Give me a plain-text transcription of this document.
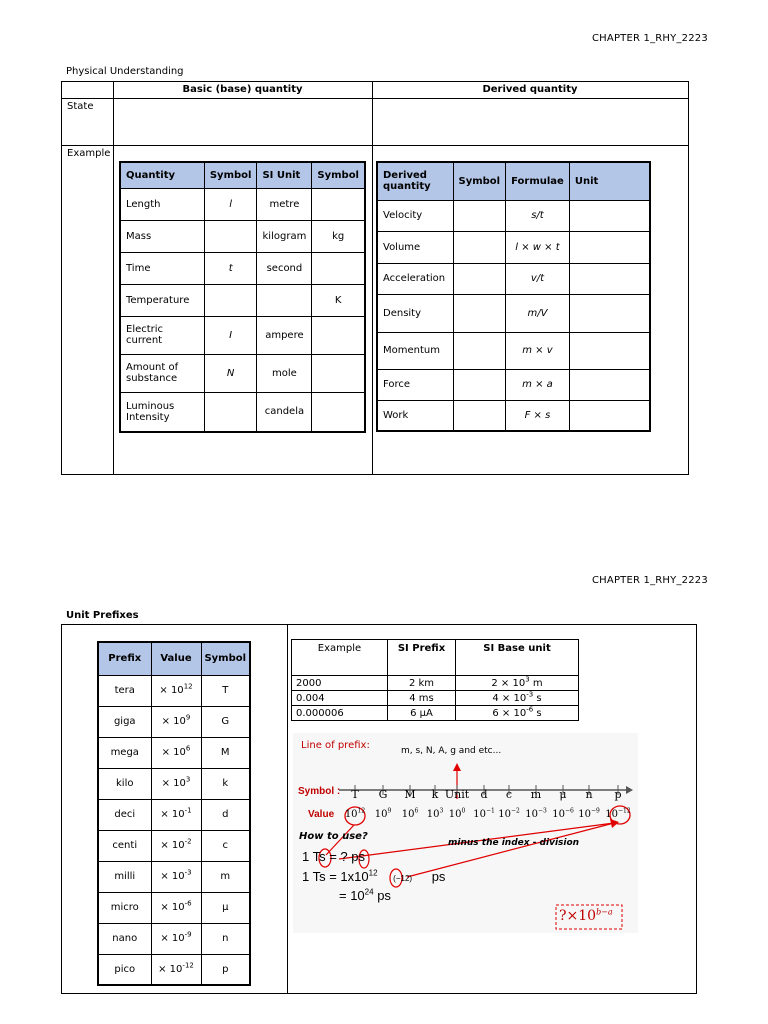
CHAPTER 1_RHY_2223
Physical Understanding
Basic (base) quantity	Derived quantity
State
Example
Quantity	Symbol	SI Unit	Symbol
Length	l	metre	
Mass		kilogram	kg
Time	t	second	
Temperature			K
Electric current	I	ampere	
Amount of substance	N	mole	
Luminous Intensity		candela	
Derived quantity	Symbol	Formulae	Unit
Velocity		s/t	
Volume		l × w × t	
Acceleration		v/t	
Density		m/V	
Momentum		m × v	
Force		m × a	
Work		F × s	
CHAPTER 1_RHY_2223
Unit Prefixes
Prefix	Value	Symbol
tera	× $10^{12}$	T
giga	× $10^9$	G
mega	× $10^6$	M
kilo	× $10^3$	k
deci	× $10^{-1}$	d
centi	× $10^{-2}$	c
milli	× $10^{-3}$	m
micro	× $10^{-6}$	μ
nano	× $10^{-9}$	n
pico	× $10^{-12}$	p
Example	SI Prefix	SI Base unit
2000	2 km	$2 \times 10^3$ m
0.004	4 ms	$4 \times 10^{-3}$ s
0.000006	6 μA	$6 \times 10^{-6}$ s
Line of prefix:	m, s, N, A, g and etc...
Symbol :
Value
T	G	M	k Unit	d	c	m	μ	n	p
$10^{12}$ $10^9$	$10^6$ $10^3$ $10^0$ $10^{-1}$ $10^{-2}$ $10^{-3}$ $10^{-6}$ $10^{-9}$ $10^{-12}$
How to use?
minus the index - division
1 Ts = ? ps
1 $Ts = 1x10^{12}$ (−12) ps
= $10^{24}$ ps
$?\times 10^{b-a}$
